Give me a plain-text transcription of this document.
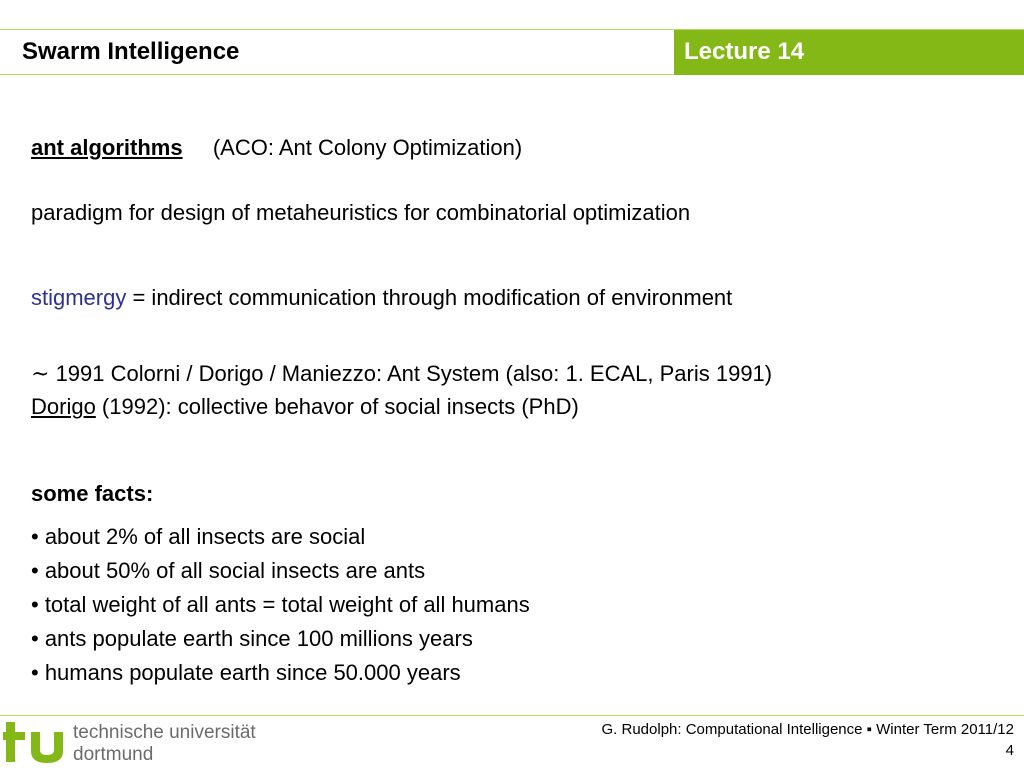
Swarm Intelligence	Lecture 14
ant algorithms (ACO: Ant Colony Optimization)
paradigm for design of metaheuristics for combinatorial optimization
stigmergy = indirect communication through modification of environment
~ 1991 Colorni / Dorigo / Maniezzo: Ant System (also: 1. ECAL, Paris 1991)
Dorigo (1992): collective behavor of social insects (PhD)
some facts:
• about 2% of all insects are social
• about 50% of all social insects are ants
• total weight of all ants = total weight of all humans
• ants populate earth since 100 millions years
• humans populate earth since 50.000 years
technische universität
dortmund
G. Rudolph: Computational Intelligence ▪ Winter Term 2011/12
4
